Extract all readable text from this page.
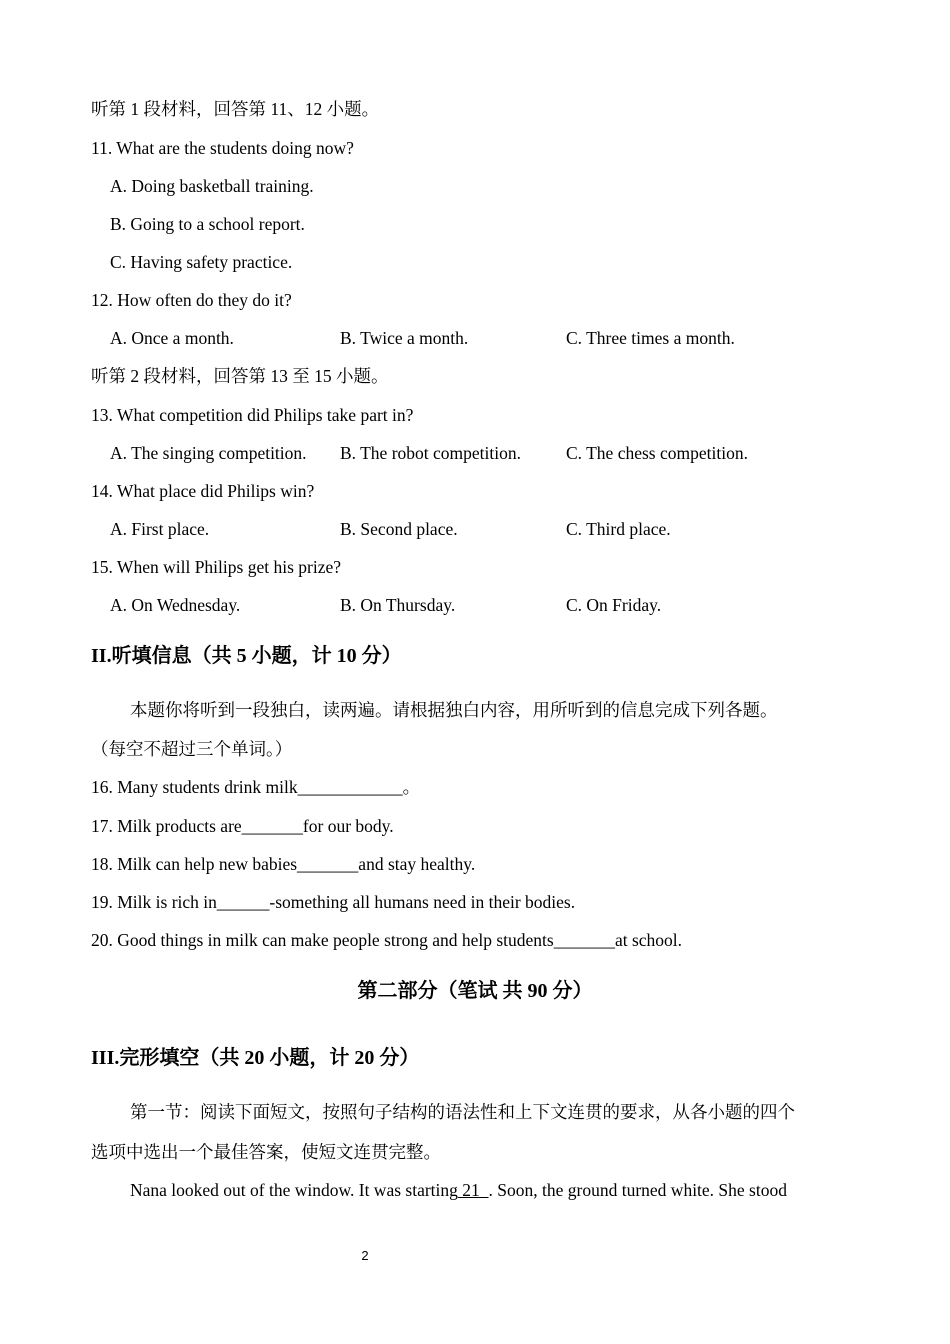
听第 1 段材料，回答第 11、12 小题。
11. What are the students doing now?
A. Doing basketball training.
B. Going to a school report.
C. Having safety practice.
12. How often do they do it?
A. Once a month.	B. Twice a month.	C. Three times a month.
听第 2 段材料，回答第 13 至 15 小题。
13. What competition did Philips take part in?
A. The singing competition. B. The robot competition.	C. The chess competition.
14. What place did Philips win?
A. First place.	B. Second place.	C. Third place.
15. When will Philips get his prize?
A. On Wednesday.	B. On Thursday.	C. On Friday.
II.听填信息（共 5 小题，计 10 分）
本题你将听到一段独白，读两遍。请根据独白内容，用所听到的信息完成下列各题。
（每空不超过三个单词。）
16. Many students drink milk____________。
17. Milk products are_______for our body.
18. Milk can help new babies_______and stay healthy.
19. Milk is rich in______-something all humans need in their bodies.
20. Good things in milk can make people strong and help students_______at school.
第二部分（笔试 共 90 分）
III.完形填空（共 20 小题，计 20 分）
第一节：阅读下面短文，按照句子结构的语法性和上下文连贯的要求，从各小题的四个
选项中选出一个最佳答案，使短文连贯完整。
Nana looked out of the window. It was starting 21  . Soon, the ground turned white. She stood
2
